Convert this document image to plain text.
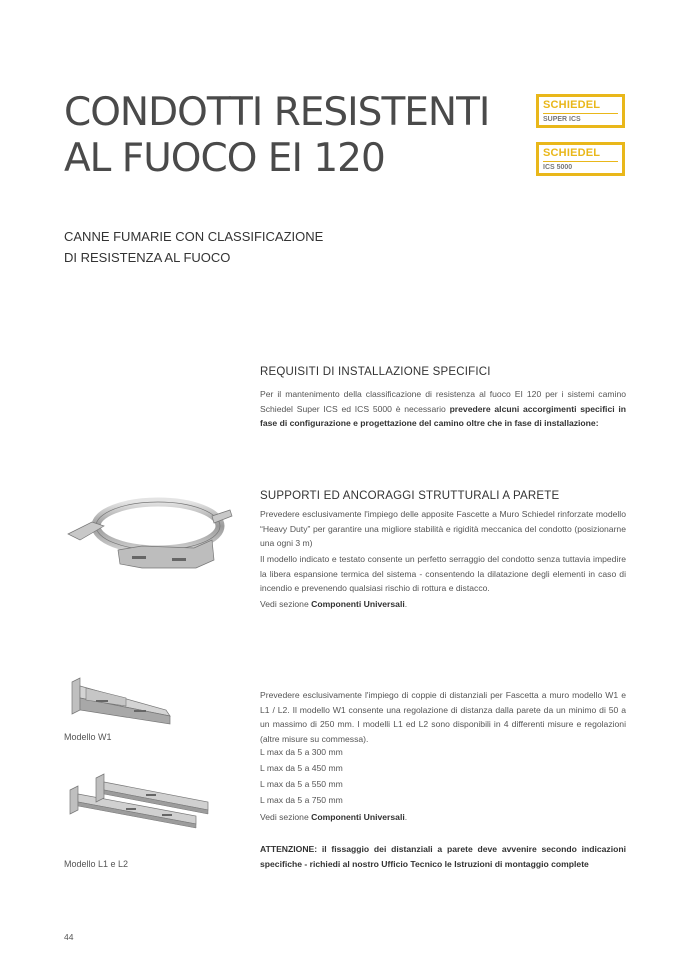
CONDOTTI RESISTENTI
AL FUOCO EI 120
SCHIEDEL
SUPER ICS
SCHIEDEL
ICS 5000
CANNE FUMARIE CON CLASSIFICAZIONE
DI RESISTENZA AL FUOCO
REQUISITI DI INSTALLAZIONE SPECIFICI

Per il mantenimento della classificazione di resistenza al fuoco EI 120 per i sistemi camino Schiedel Super ICS ed ICS 5000 è necessario prevedere alcuni accorgimenti specifici in fase di configurazione e progettazione del camino oltre che in fase di installazione:

SUPPORTI ED ANCORAGGI STRUTTURALI A PARETE

Prevedere esclusivamente l'impiego delle apposite Fascette a Muro Schiedel rinforzate modello “Heavy Duty” per garantire una migliore stabilità e rigidità meccanica del condotto (posizionarne una ogni 3 m)

Il modello indicato e testato consente un perfetto serraggio del condotto senza tuttavia impedire la libera espansione termica del sistema - consentendo la dilatazione degli elementi in caso di incendio e prevenendo qualsiasi rischio di rottura e distacco.

Vedi sezione Componenti Universali.

Modello W1

Modello L1 e L2

Prevedere esclusivamente l'impiego di coppie di distanziali per Fascetta a muro modello W1 e L1 / L2. Il modello W1 consente una regolazione di distanza dalla parete da un minimo di 50 a un massimo di 250 mm. I modelli L1 ed L2 sono disponibili in 4 differenti misure e regolazioni (altre misure su commessa).

L max da 5 a 300 mm

L max da 5 a 450 mm

L max da 5 a 550 mm

L max da 5 a 750 mm

Vedi sezione Componenti Universali.

ATTENZIONE: il fissaggio dei distanziali a parete deve avvenire secondo indicazioni specifiche - richiedi al nostro Ufficio Tecnico le Istruzioni di montaggio complete

44
